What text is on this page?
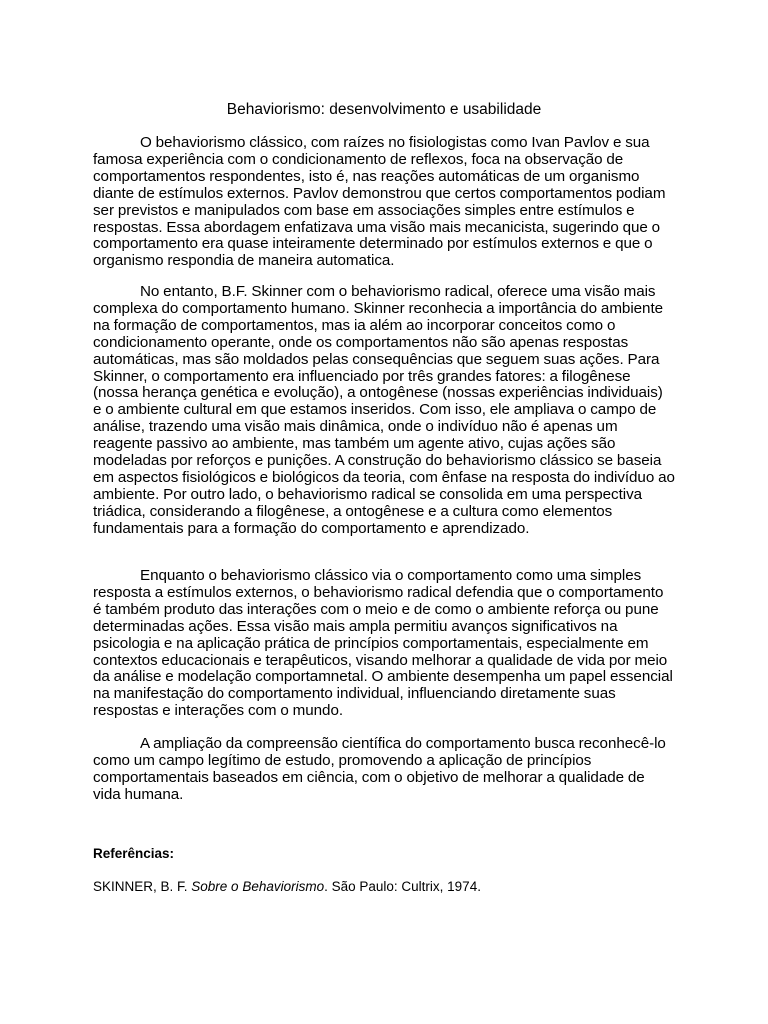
Behaviorismo: desenvolvimento e usabilidade

O behaviorismo clássico, com raízes no fisiologistas como Ivan Pavlov e sua famosa experiência com o condicionamento de reflexos, foca na observação de comportamentos respondentes, isto é, nas reações automáticas de um organismo diante de estímulos externos. Pavlov demonstrou que certos comportamentos podiam ser previstos e manipulados com base em associações simples entre estímulos e respostas. Essa abordagem enfatizava uma visão mais mecanicista, sugerindo que o comportamento era quase inteiramente determinado por estímulos externos e que o organismo respondia de maneira automatica.

No entanto, B.F. Skinner com o behaviorismo radical, oferece uma visão mais complexa do comportamento humano. Skinner reconhecia a importância do ambiente na formação de comportamentos, mas ia além ao incorporar conceitos como o condicionamento operante, onde os comportamentos não são apenas respostas automáticas, mas são moldados pelas consequências que seguem suas ações. Para Skinner, o comportamento era influenciado por três grandes fatores: a filogênese (nossa herança genética e evolução), a ontogênese (nossas experiências individuais) e o ambiente cultural em que estamos inseridos. Com isso, ele ampliava o campo de análise, trazendo uma visão mais dinâmica, onde o indivíduo não é apenas um reagente passivo ao ambiente, mas também um agente ativo, cujas ações são modeladas por reforços e punições. A construção do behaviorismo clássico se baseia em aspectos fisiológicos e biológicos da teoria, com ênfase na resposta do indivíduo ao ambiente. Por outro lado, o behaviorismo radical se consolida em uma perspectiva triádica, considerando a filogênese, a ontogênese e a cultura como elementos fundamentais para a formação do comportamento e aprendizado.

Enquanto o behaviorismo clássico via o comportamento como uma simples resposta a estímulos externos, o behaviorismo radical defendia que o comportamento é também produto das interações com o meio e de como o ambiente reforça ou pune determinadas ações. Essa visão mais ampla permitiu avanços significativos na psicologia e na aplicação prática de princípios comportamentais, especialmente em contextos educacionais e terapêuticos, visando melhorar a qualidade de vida por meio da análise e modelação comportamnetal. O ambiente desempenha um papel essencial na manifestação do comportamento individual, influenciando diretamente suas respostas e interações com o mundo.

A ampliação da compreensão científica do comportamento busca reconhecê-lo como um campo legítimo de estudo, promovendo a aplicação de princípios comportamentais baseados em ciência, com o objetivo de melhorar a qualidade de vida humana.

Referências:

SKINNER, B. F. Sobre o Behaviorismo. São Paulo: Cultrix, 1974.
